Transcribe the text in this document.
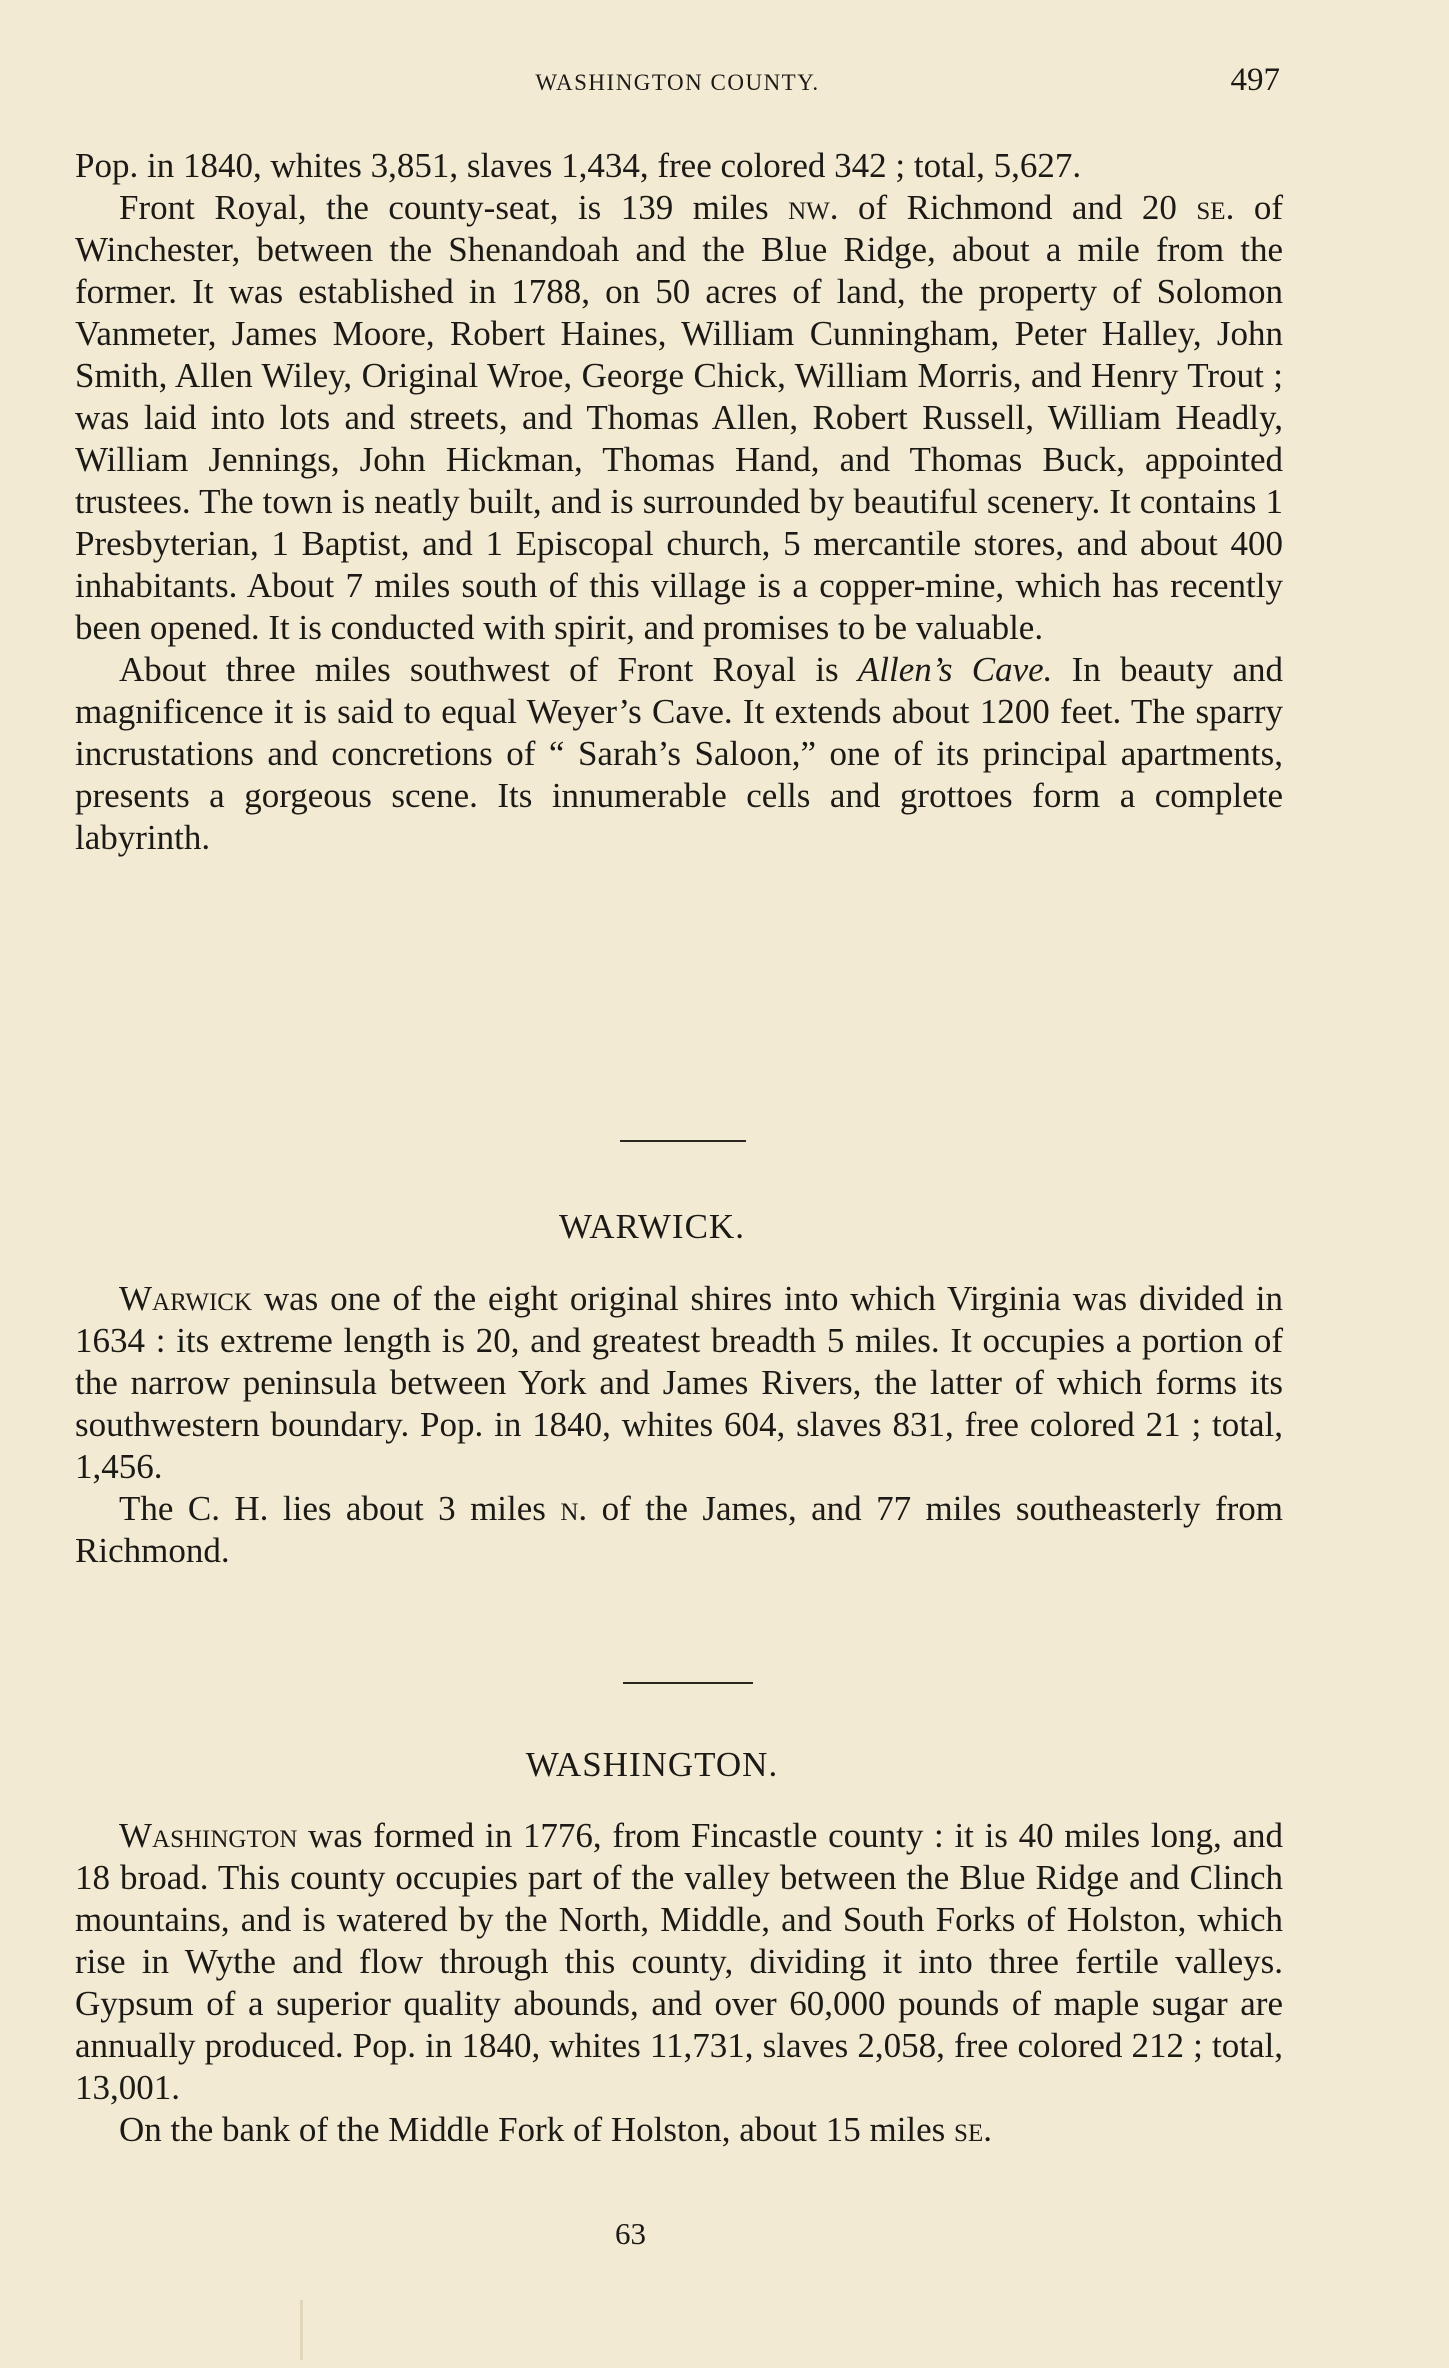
WASHINGTON COUNTY.	497

Pop. in 1840, whites 3,851, slaves 1,434, free colored 342 ; total, 5,627.

Front Royal, the county-seat, is 139 miles nw. of Richmond and 20 se. of Winchester, between the Shenandoah and the Blue Ridge, about a mile from the former. It was established in 1788, on 50 acres of land, the property of Solomon Vanmeter, James Moore, Robert Haines, William Cunningham, Peter Halley, John Smith, Allen Wiley, Original Wroe, George Chick, William Morris, and Henry Trout ; was laid into lots and streets, and Thomas Allen, Robert Russell, William Headly, William Jennings, John Hickman, Thomas Hand, and Thomas Buck, appointed trustees. The town is neatly built, and is surrounded by beautiful scenery. It contains 1 Presbyterian, 1 Baptist, and 1 Episcopal church, 5 mercantile stores, and about 400 inhabitants. About 7 miles south of this village is a copper-mine, which has recently been opened. It is conducted with spirit, and promises to be valuable.

About three miles southwest of Front Royal is Allen’s Cave. In beauty and magnificence it is said to equal Weyer’s Cave. It extends about 1200 feet. The sparry incrustations and concretions of “ Sarah’s Saloon,” one of its principal apartments, presents a gorgeous scene. Its innumerable cells and grottoes form a complete labyrinth.

WARWICK.

Warwick was one of the eight original shires into which Virginia was divided in 1634 : its extreme length is 20, and greatest breadth 5 miles. It occupies a portion of the narrow peninsula between York and James Rivers, the latter of which forms its southwestern boundary. Pop. in 1840, whites 604, slaves 831, free colored 21 ; total, 1,456.

The C. H. lies about 3 miles n. of the James, and 77 miles southeasterly from Richmond.

WASHINGTON.

Washington was formed in 1776, from Fincastle county : it is 40 miles long, and 18 broad. This county occupies part of the valley between the Blue Ridge and Clinch mountains, and is watered by the North, Middle, and South Forks of Holston, which rise in Wythe and flow through this county, dividing it into three fertile valleys. Gypsum of a superior quality abounds, and over 60,000 pounds of maple sugar are annually produced. Pop. in 1840, whites 11,731, slaves 2,058, free colored 212 ; total, 13,001.

On the bank of the Middle Fork of Holston, about 15 miles se.

63
